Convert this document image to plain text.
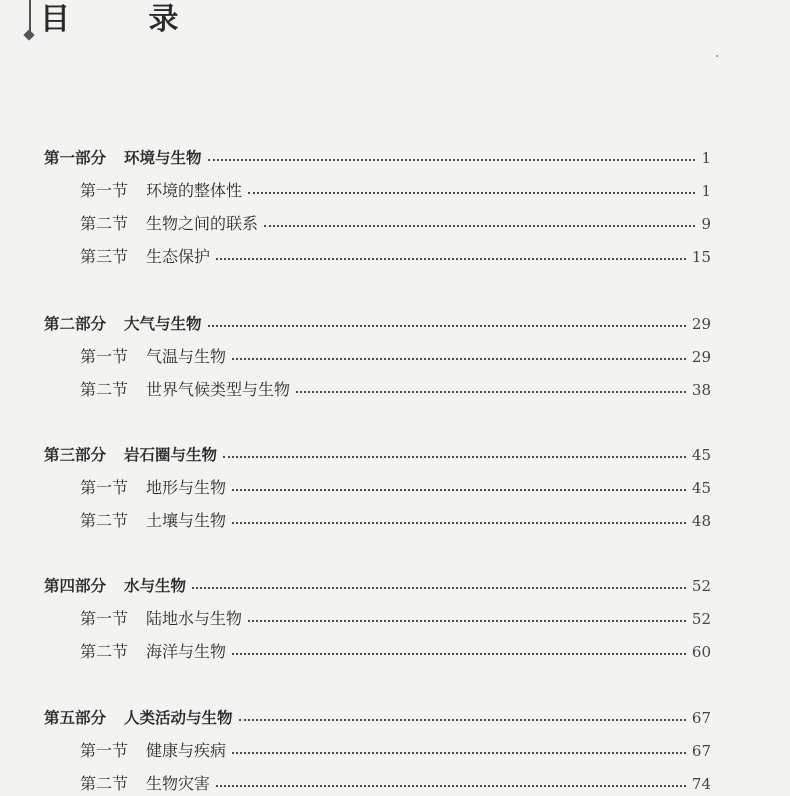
目 录
第一部分 环境与生物	1
第一节 环境的整体性	1
第二节 生物之间的联系	9
第三节 生态保护	15
第二部分 大气与生物	29
第一节 气温与生物	29
第二节 世界气候类型与生物	38
第三部分 岩石圈与生物	45
第一节 地形与生物	45
第二节 土壤与生物	48
第四部分 水与生物	52
第一节 陆地水与生物	52
第二节 海洋与生物	60
第五部分 人类活动与生物	67
第一节 健康与疾病	67
第二节 生物灾害	74
